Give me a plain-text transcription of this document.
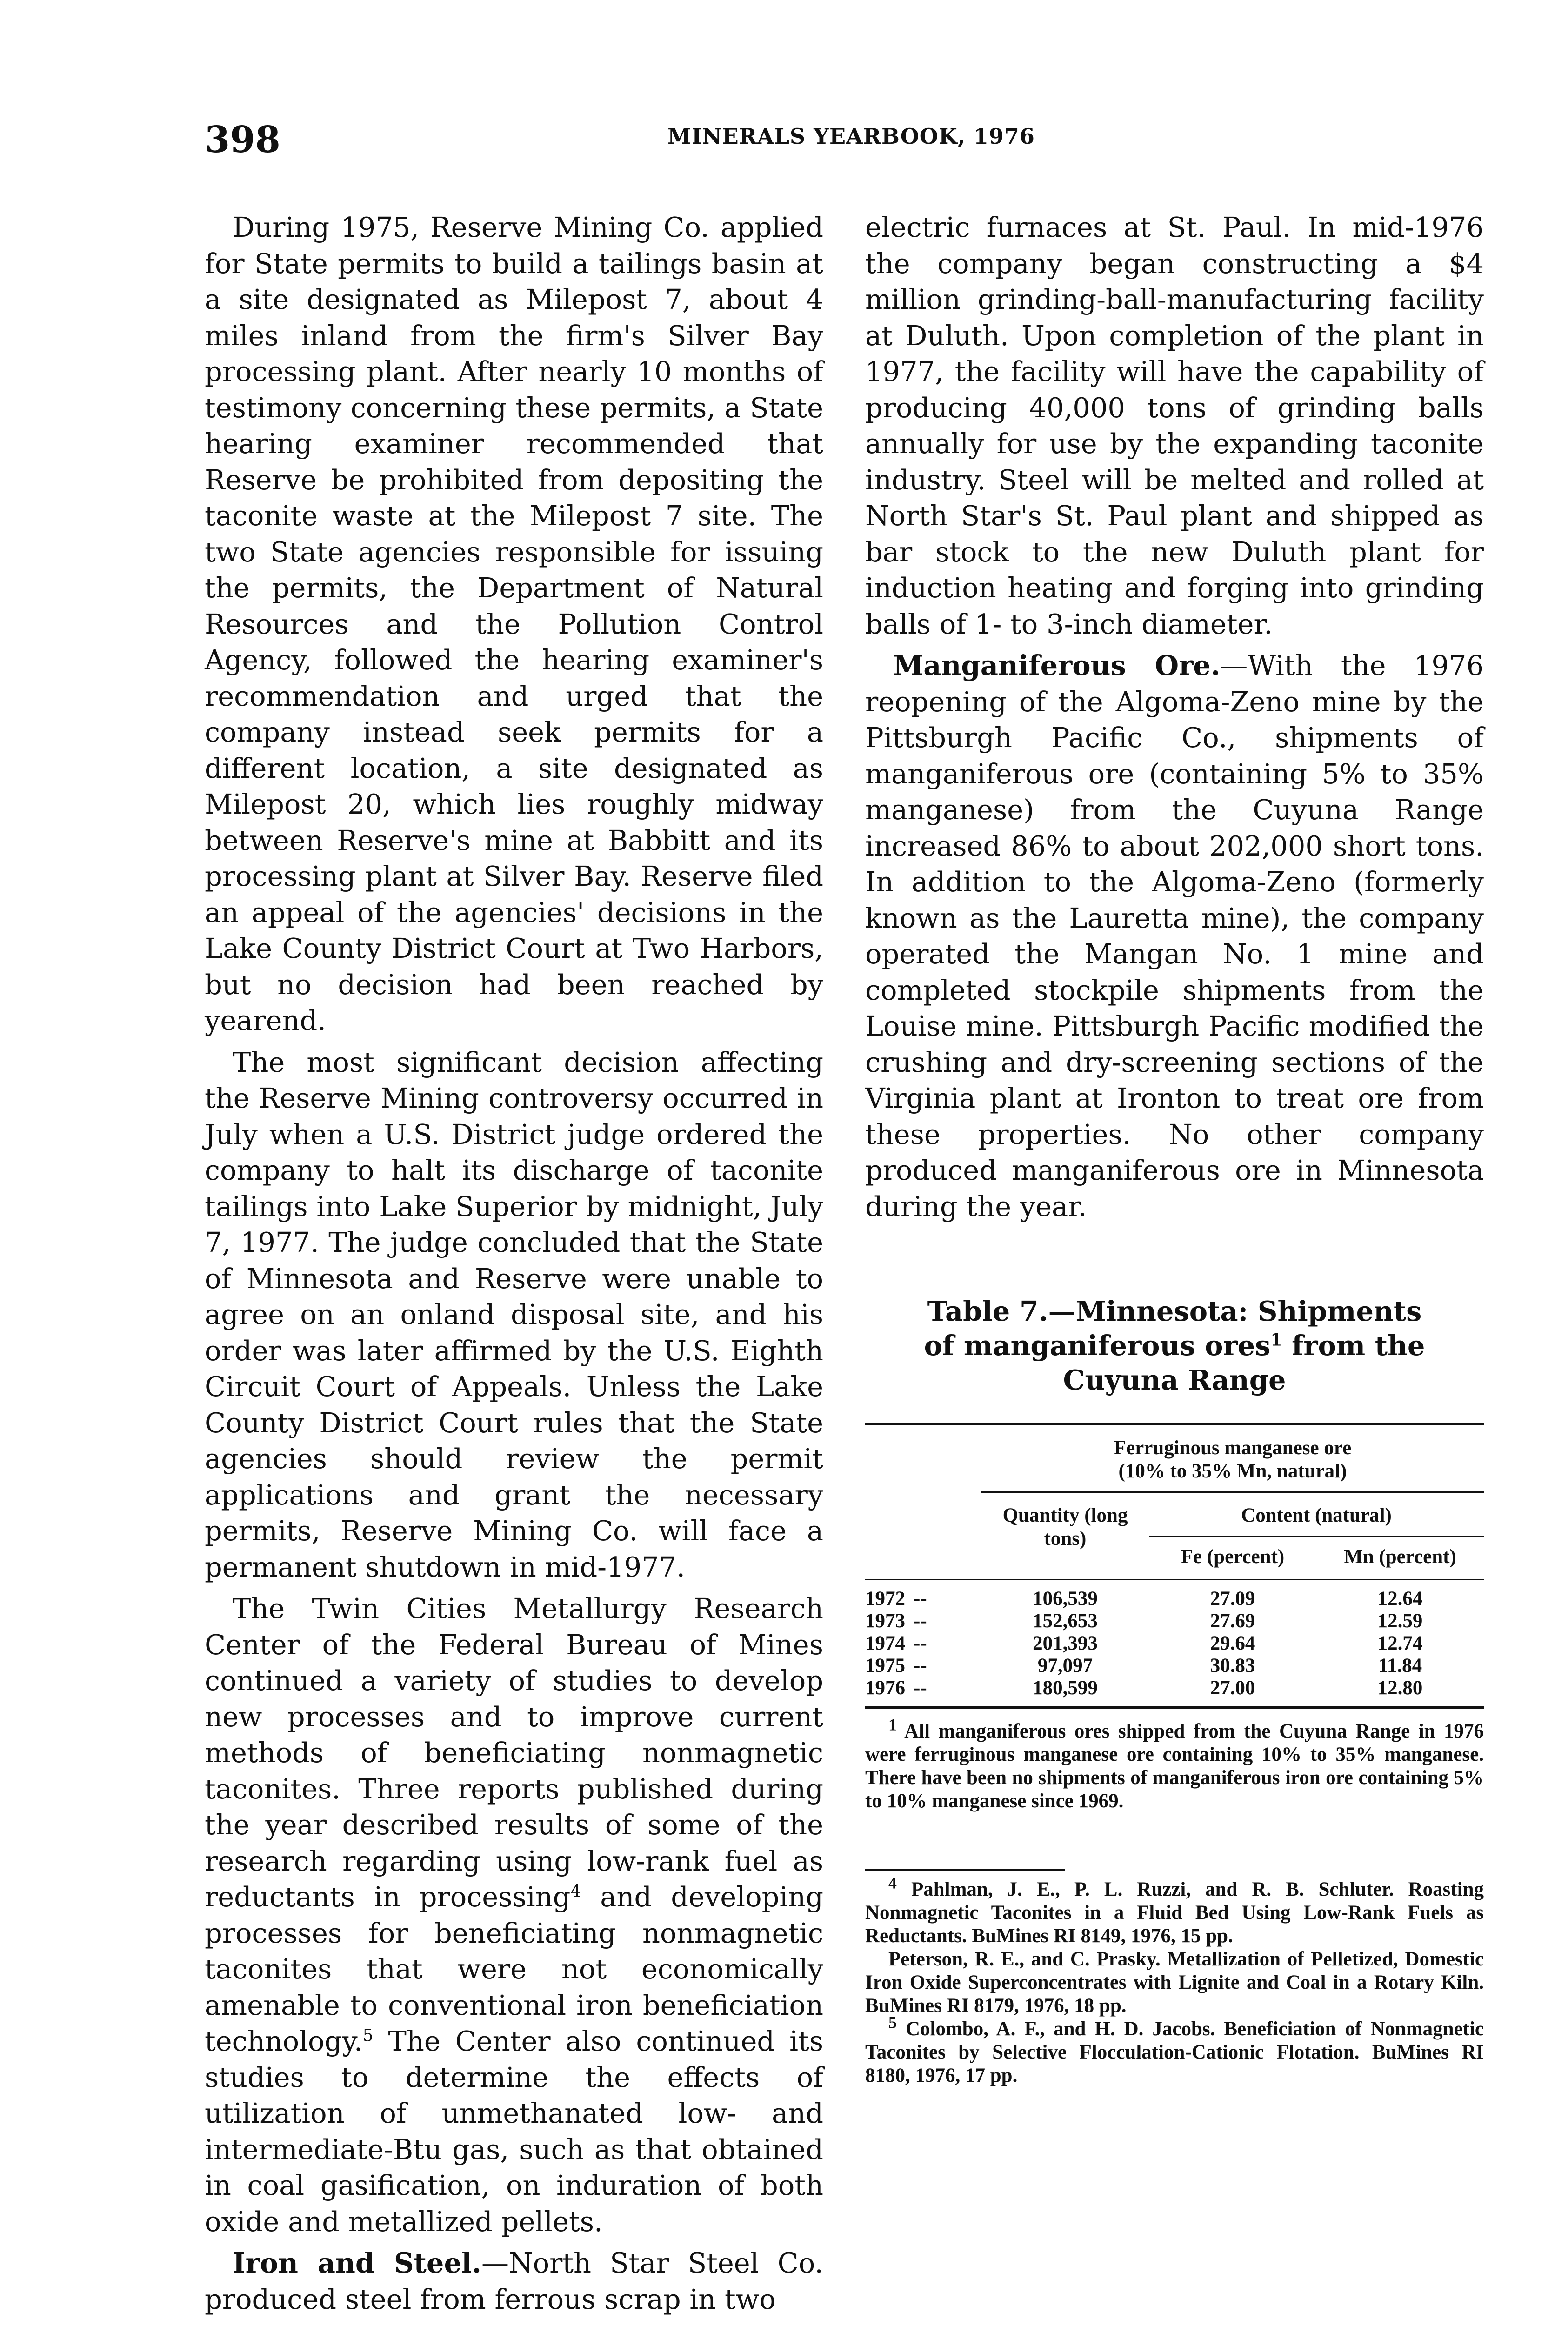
398	MINERALS YEARBOOK, 1976

During 1975, Reserve Mining Co. applied for State permits to build a tailings basin at a site designated as Milepost 7, about 4 miles inland from the firm's Silver Bay processing plant. After nearly 10 months of testimony concerning these permits, a State hearing examiner recommended that Reserve be prohibited from depositing the taconite waste at the Milepost 7 site. The two State agencies responsible for issuing the permits, the Department of Natural Resources and the Pollution Control Agency, followed the hearing examiner's recommendation and urged that the company instead seek permits for a different location, a site designated as Milepost 20, which lies roughly midway between Reserve's mine at Babbitt and its processing plant at Silver Bay. Reserve filed an appeal of the agencies' decisions in the Lake County District Court at Two Harbors, but no decision had been reached by yearend.

The most significant decision affecting the Reserve Mining controversy occurred in July when a U.S. District judge ordered the company to halt its discharge of taconite tailings into Lake Superior by midnight, July 7, 1977. The judge concluded that the State of Minnesota and Reserve were unable to agree on an onland disposal site, and his order was later affirmed by the U.S. Eighth Circuit Court of Appeals. Unless the Lake County District Court rules that the State agencies should review the permit applications and grant the necessary permits, Reserve Mining Co. will face a permanent shutdown in mid-1977.

The Twin Cities Metallurgy Research Center of the Federal Bureau of Mines continued a variety of studies to develop new processes and to improve current methods of beneficiating nonmagnetic taconites. Three reports published during the year described results of some of the research regarding using low-rank fuel as reductants in processing$^4$ and developing processes for beneficiating nonmagnetic taconites that were not economically amenable to conventional iron beneficiation technology.$^5$ The Center also continued its studies to determine the effects of utilization of unmethanated low- and intermediate-Btu gas, such as that obtained in coal gasification, on induration of both oxide and metallized pellets.

Iron and Steel.—North Star Steel Co. produced steel from ferrous scrap in two

electric furnaces at St. Paul. In mid-1976 the company began constructing a $4 million grinding-ball-manufacturing facility at Duluth. Upon completion of the plant in 1977, the facility will have the capability of producing 40,000 tons of grinding balls annually for use by the expanding taconite industry. Steel will be melted and rolled at North Star's St. Paul plant and shipped as bar stock to the new Duluth plant for induction heating and forging into grinding balls of 1- to 3-inch diameter.

Manganiferous Ore.—With the 1976 reopening of the Algoma-Zeno mine by the Pittsburgh Pacific Co., shipments of manganiferous ore (containing 5% to 35% manganese) from the Cuyuna Range increased 86% to about 202,000 short tons. In addition to the Algoma-Zeno (formerly known as the Lauretta mine), the company operated the Mangan No. 1 mine and completed stockpile shipments from the Louise mine. Pittsburgh Pacific modified the crushing and dry-screening sections of the Virginia plant at Ironton to treat ore from these properties. No other company produced manganiferous ore in Minnesota during the year.

Table 7.—Minnesota: Shipments of manganiferous ores$^1$ from the Cuyuna Range

	Ferruginous manganese ore
(10% to 35% Mn, natural)		
	Quantity (long tons)	Content (natural)	
		Fe (percent)	Mn (percent)

1972 --	106,539	27.09	12.64
1973 --	152,653	27.69	12.59
1974 --	201,393	29.64	12.74
1975 --	97,097	30.83	11.84
1976 --	180,599	27.00	12.80

$^1$ All manganiferous ores shipped from the Cuyuna Range in 1976 were ferruginous manganese ore containing 10% to 35% manganese. There have been no shipments of manganiferous iron ore containing 5% to 10% manganese since 1969.

$^4$ Pahlman, J. E., P. L. Ruzzi, and R. B. Schluter. Roasting Nonmagnetic Taconites in a Fluid Bed Using Low-Rank Fuels as Reductants. BuMines RI 8149, 1976, 15 pp.

Peterson, R. E., and C. Prasky. Metallization of Pelletized, Domestic Iron Oxide Superconcentrates with Lignite and Coal in a Rotary Kiln. BuMines RI 8179, 1976, 18 pp.

$^5$ Colombo, A. F., and H. D. Jacobs. Beneficiation of Nonmagnetic Taconites by Selective Flocculation-Cationic Flotation. BuMines RI 8180, 1976, 17 pp.
